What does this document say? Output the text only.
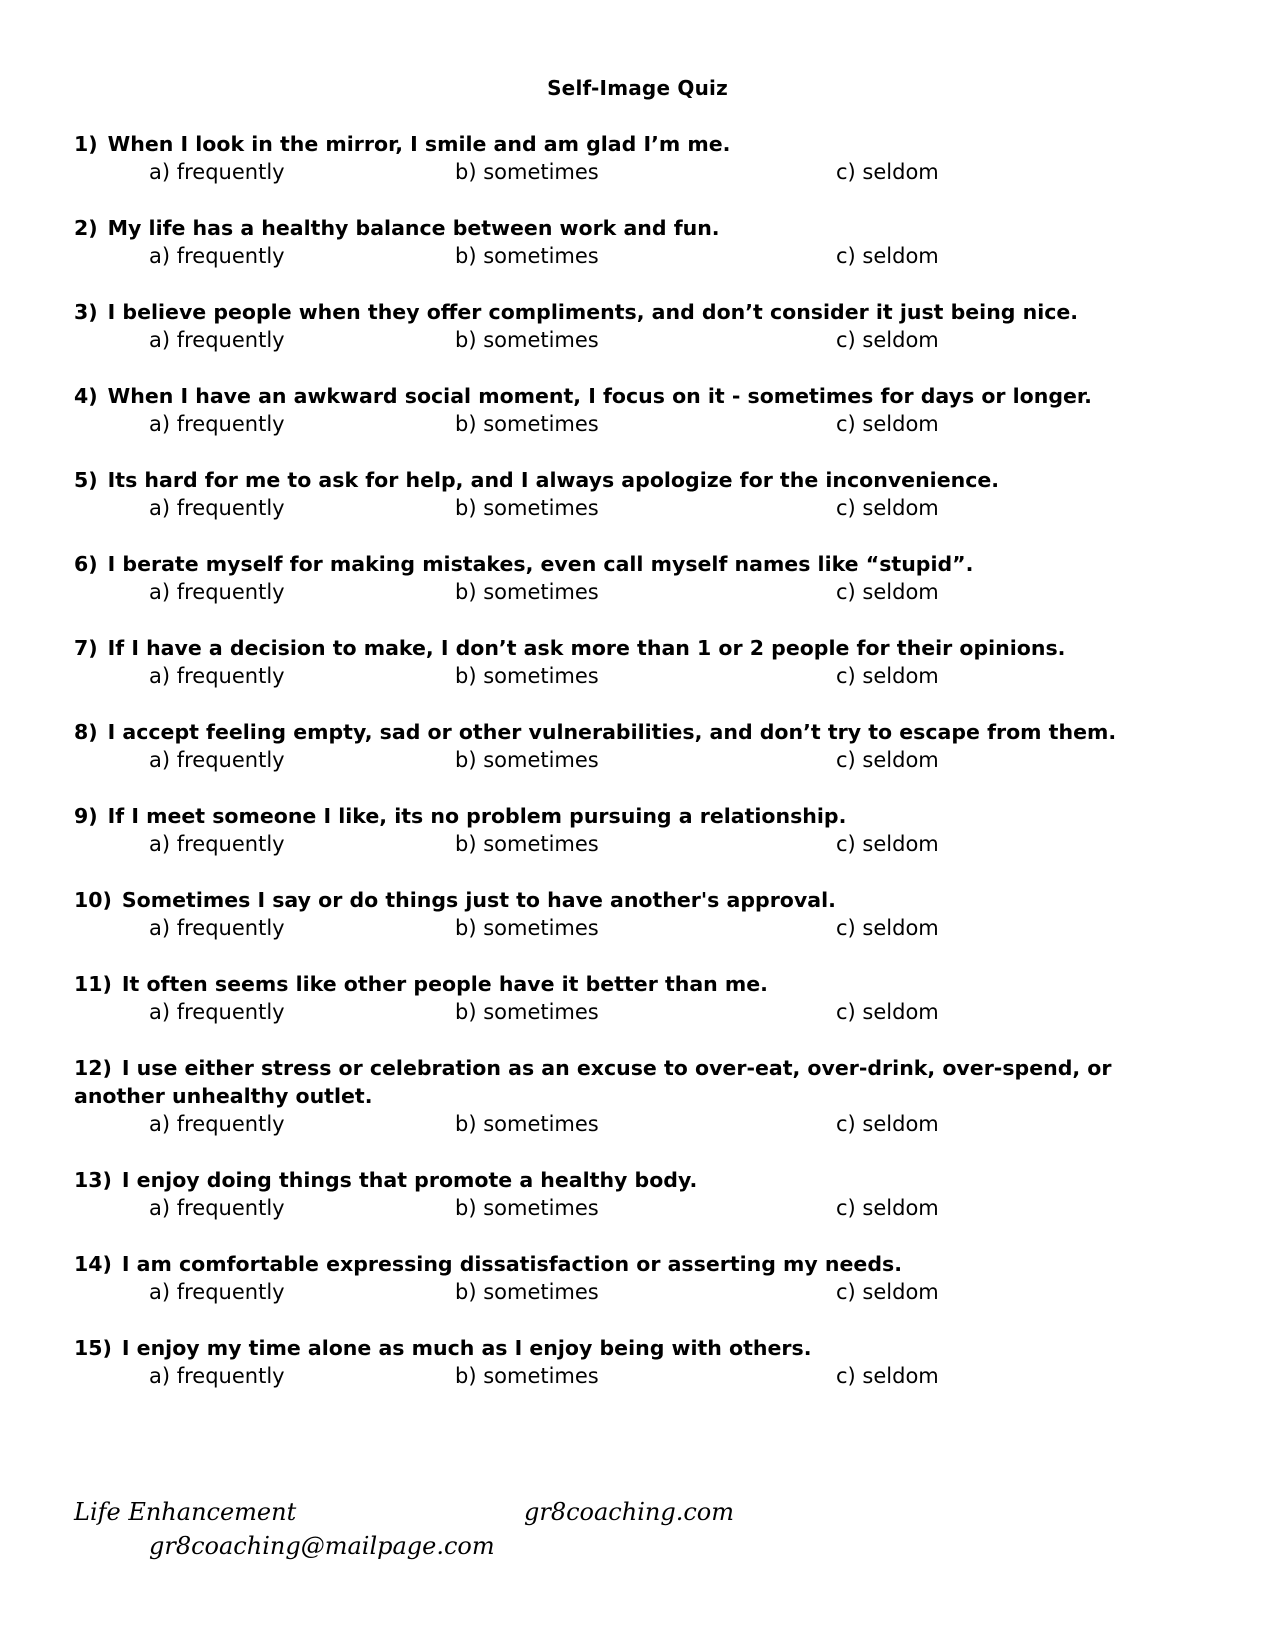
Self-Image Quiz

1) When I look in the mirror, I smile and am glad I’m me.

a) frequently	b) sometimes	c) seldom

2) My life has a healthy balance between work and fun.

a) frequently	b) sometimes	c) seldom

3) I believe people when they offer compliments, and don’t consider it just being nice.

a) frequently	b) sometimes	c) seldom

4) When I have an awkward social moment, I focus on it - sometimes for days or longer.

a) frequently	b) sometimes	c) seldom

5) Its hard for me to ask for help, and I always apologize for the inconvenience.

a) frequently	b) sometimes	c) seldom

6) I berate myself for making mistakes, even call myself names like “stupid”.

a) frequently	b) sometimes	c) seldom

7) If I have a decision to make, I don’t ask more than 1 or 2 people for their opinions.

a) frequently	b) sometimes	c) seldom

8) I accept feeling empty, sad or other vulnerabilities, and don’t try to escape from them.

a) frequently	b) sometimes	c) seldom

9) If I meet someone I like, its no problem pursuing a relationship.

a) frequently	b) sometimes	c) seldom

10) Sometimes I say or do things just to have another's approval.

a) frequently	b) sometimes	c) seldom

11) It often seems like other people have it better than me.

a) frequently	b) sometimes	c) seldom

12) I use either stress or celebration as an excuse to over-eat, over-drink, over-spend, or another unhealthy outlet.

a) frequently	b) sometimes	c) seldom

13) I enjoy doing things that promote a healthy body.

a) frequently	b) sometimes	c) seldom

14) I am comfortable expressing dissatisfaction or asserting my needs.

a) frequently	b) sometimes	c) seldom

15) I enjoy my time alone as much as I enjoy being with others.

a) frequently	b) sometimes	c) seldom
Life Enhancement	gr8coaching.com
gr8coaching@mailpage.com
